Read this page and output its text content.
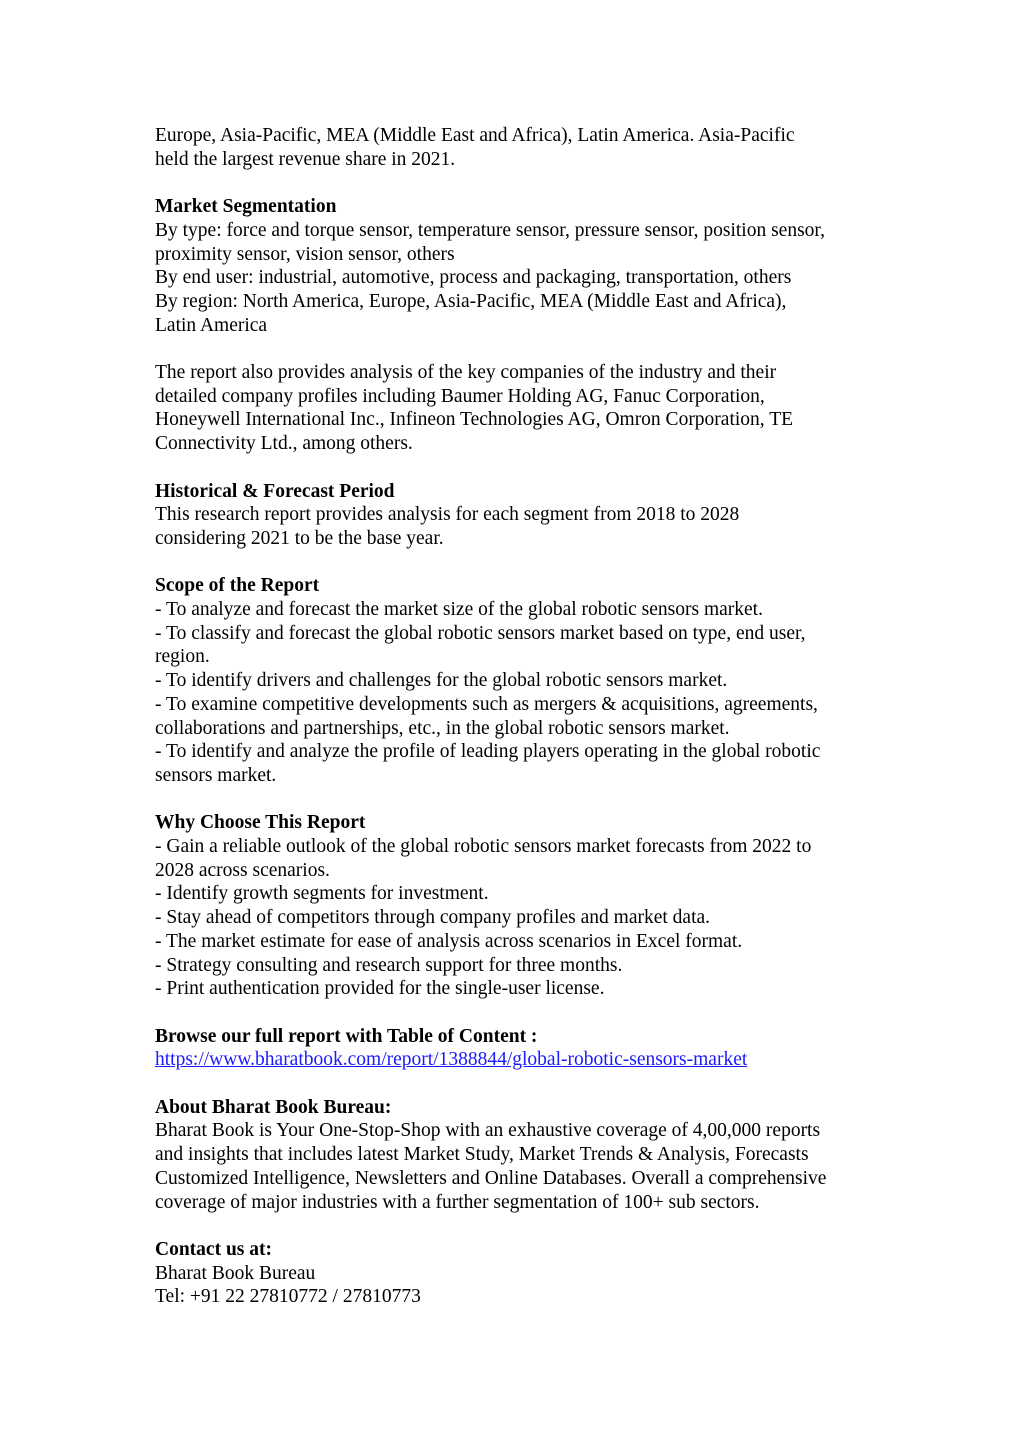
Europe, Asia-Pacific, MEA (Middle East and Africa), Latin America. Asia-Pacific
held the largest revenue share in 2021.
Market Segmentation
By type: force and torque sensor, temperature sensor, pressure sensor, position sensor,
proximity sensor, vision sensor, others
By end user: industrial, automotive, process and packaging, transportation, others
By region: North America, Europe, Asia-Pacific, MEA (Middle East and Africa),
Latin America
The report also provides analysis of the key companies of the industry and their
detailed company profiles including Baumer Holding AG, Fanuc Corporation,
Honeywell International Inc., Infineon Technologies AG, Omron Corporation, TE
Connectivity Ltd., among others.
Historical & Forecast Period
This research report provides analysis for each segment from 2018 to 2028
considering 2021 to be the base year.
Scope of the Report
- To analyze and forecast the market size of the global robotic sensors market.
- To classify and forecast the global robotic sensors market based on type, end user,
region.
- To identify drivers and challenges for the global robotic sensors market.
- To examine competitive developments such as mergers & acquisitions, agreements,
collaborations and partnerships, etc., in the global robotic sensors market.
- To identify and analyze the profile of leading players operating in the global robotic
sensors market.
Why Choose This Report
- Gain a reliable outlook of the global robotic sensors market forecasts from 2022 to
2028 across scenarios.
- Identify growth segments for investment.
- Stay ahead of competitors through company profiles and market data.
- The market estimate for ease of analysis across scenarios in Excel format.
- Strategy consulting and research support for three months.
- Print authentication provided for the single-user license.
Browse our full report with Table of Content :
https://www.bharatbook.com/report/1388844/global-robotic-sensors-market
About Bharat Book Bureau:
Bharat Book is Your One-Stop-Shop with an exhaustive coverage of 4,00,000 reports
and insights that includes latest Market Study, Market Trends & Analysis, Forecasts
Customized Intelligence, Newsletters and Online Databases. Overall a comprehensive
coverage of major industries with a further segmentation of 100+ sub sectors.
Contact us at:
Bharat Book Bureau
Tel: +91 22 27810772 / 27810773
